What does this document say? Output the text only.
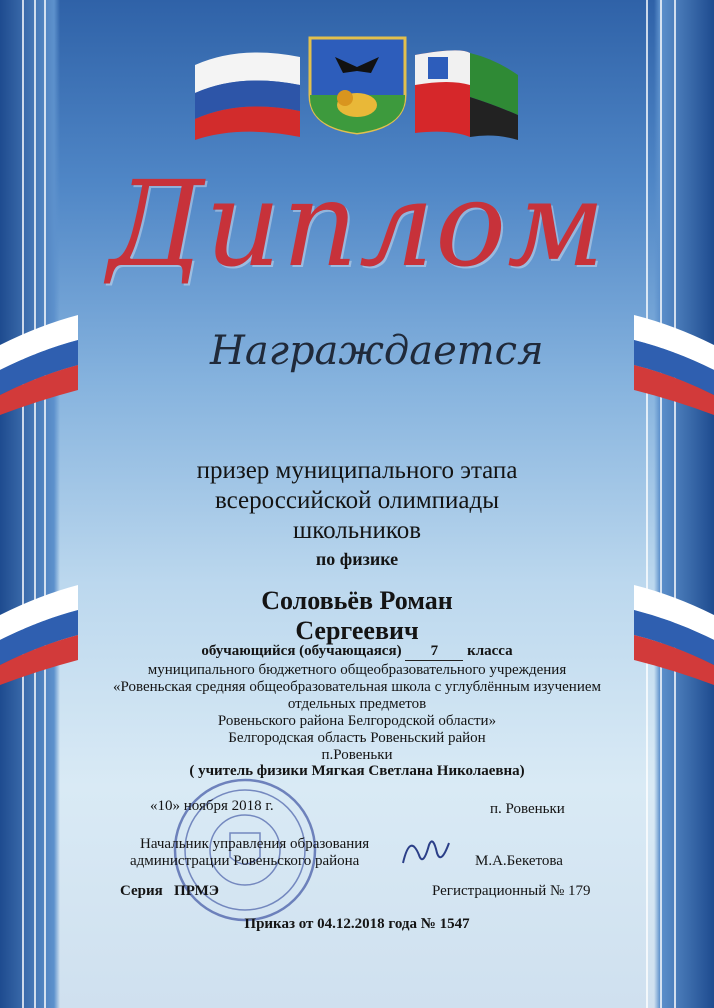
Диплом
Награждается
призер муниципального этапа
всероссийской олимпиады
школьников
по физике
Соловьёв Роман
Сергеевич
обучающийся (обучающаяся) 7 класса
муниципального бюджетного общеобразовательного учреждения
«Ровеньская средняя общеобразовательная школа с углублённым изучением
отдельных предметов
Ровеньского района Белгородской области»
Белгородская область Ровеньский район
п.Ровеньки
( учитель физики Мягкая Светлана Николаевна)
«10» ноября 2018 г.	п. Ровеньки
Начальник управления образования
администрации Ровеньского района	М.А.Бекетова
Серия   ПРМЭ	Регистрационный № 179
Приказ от 04.12.2018 года № 1547
